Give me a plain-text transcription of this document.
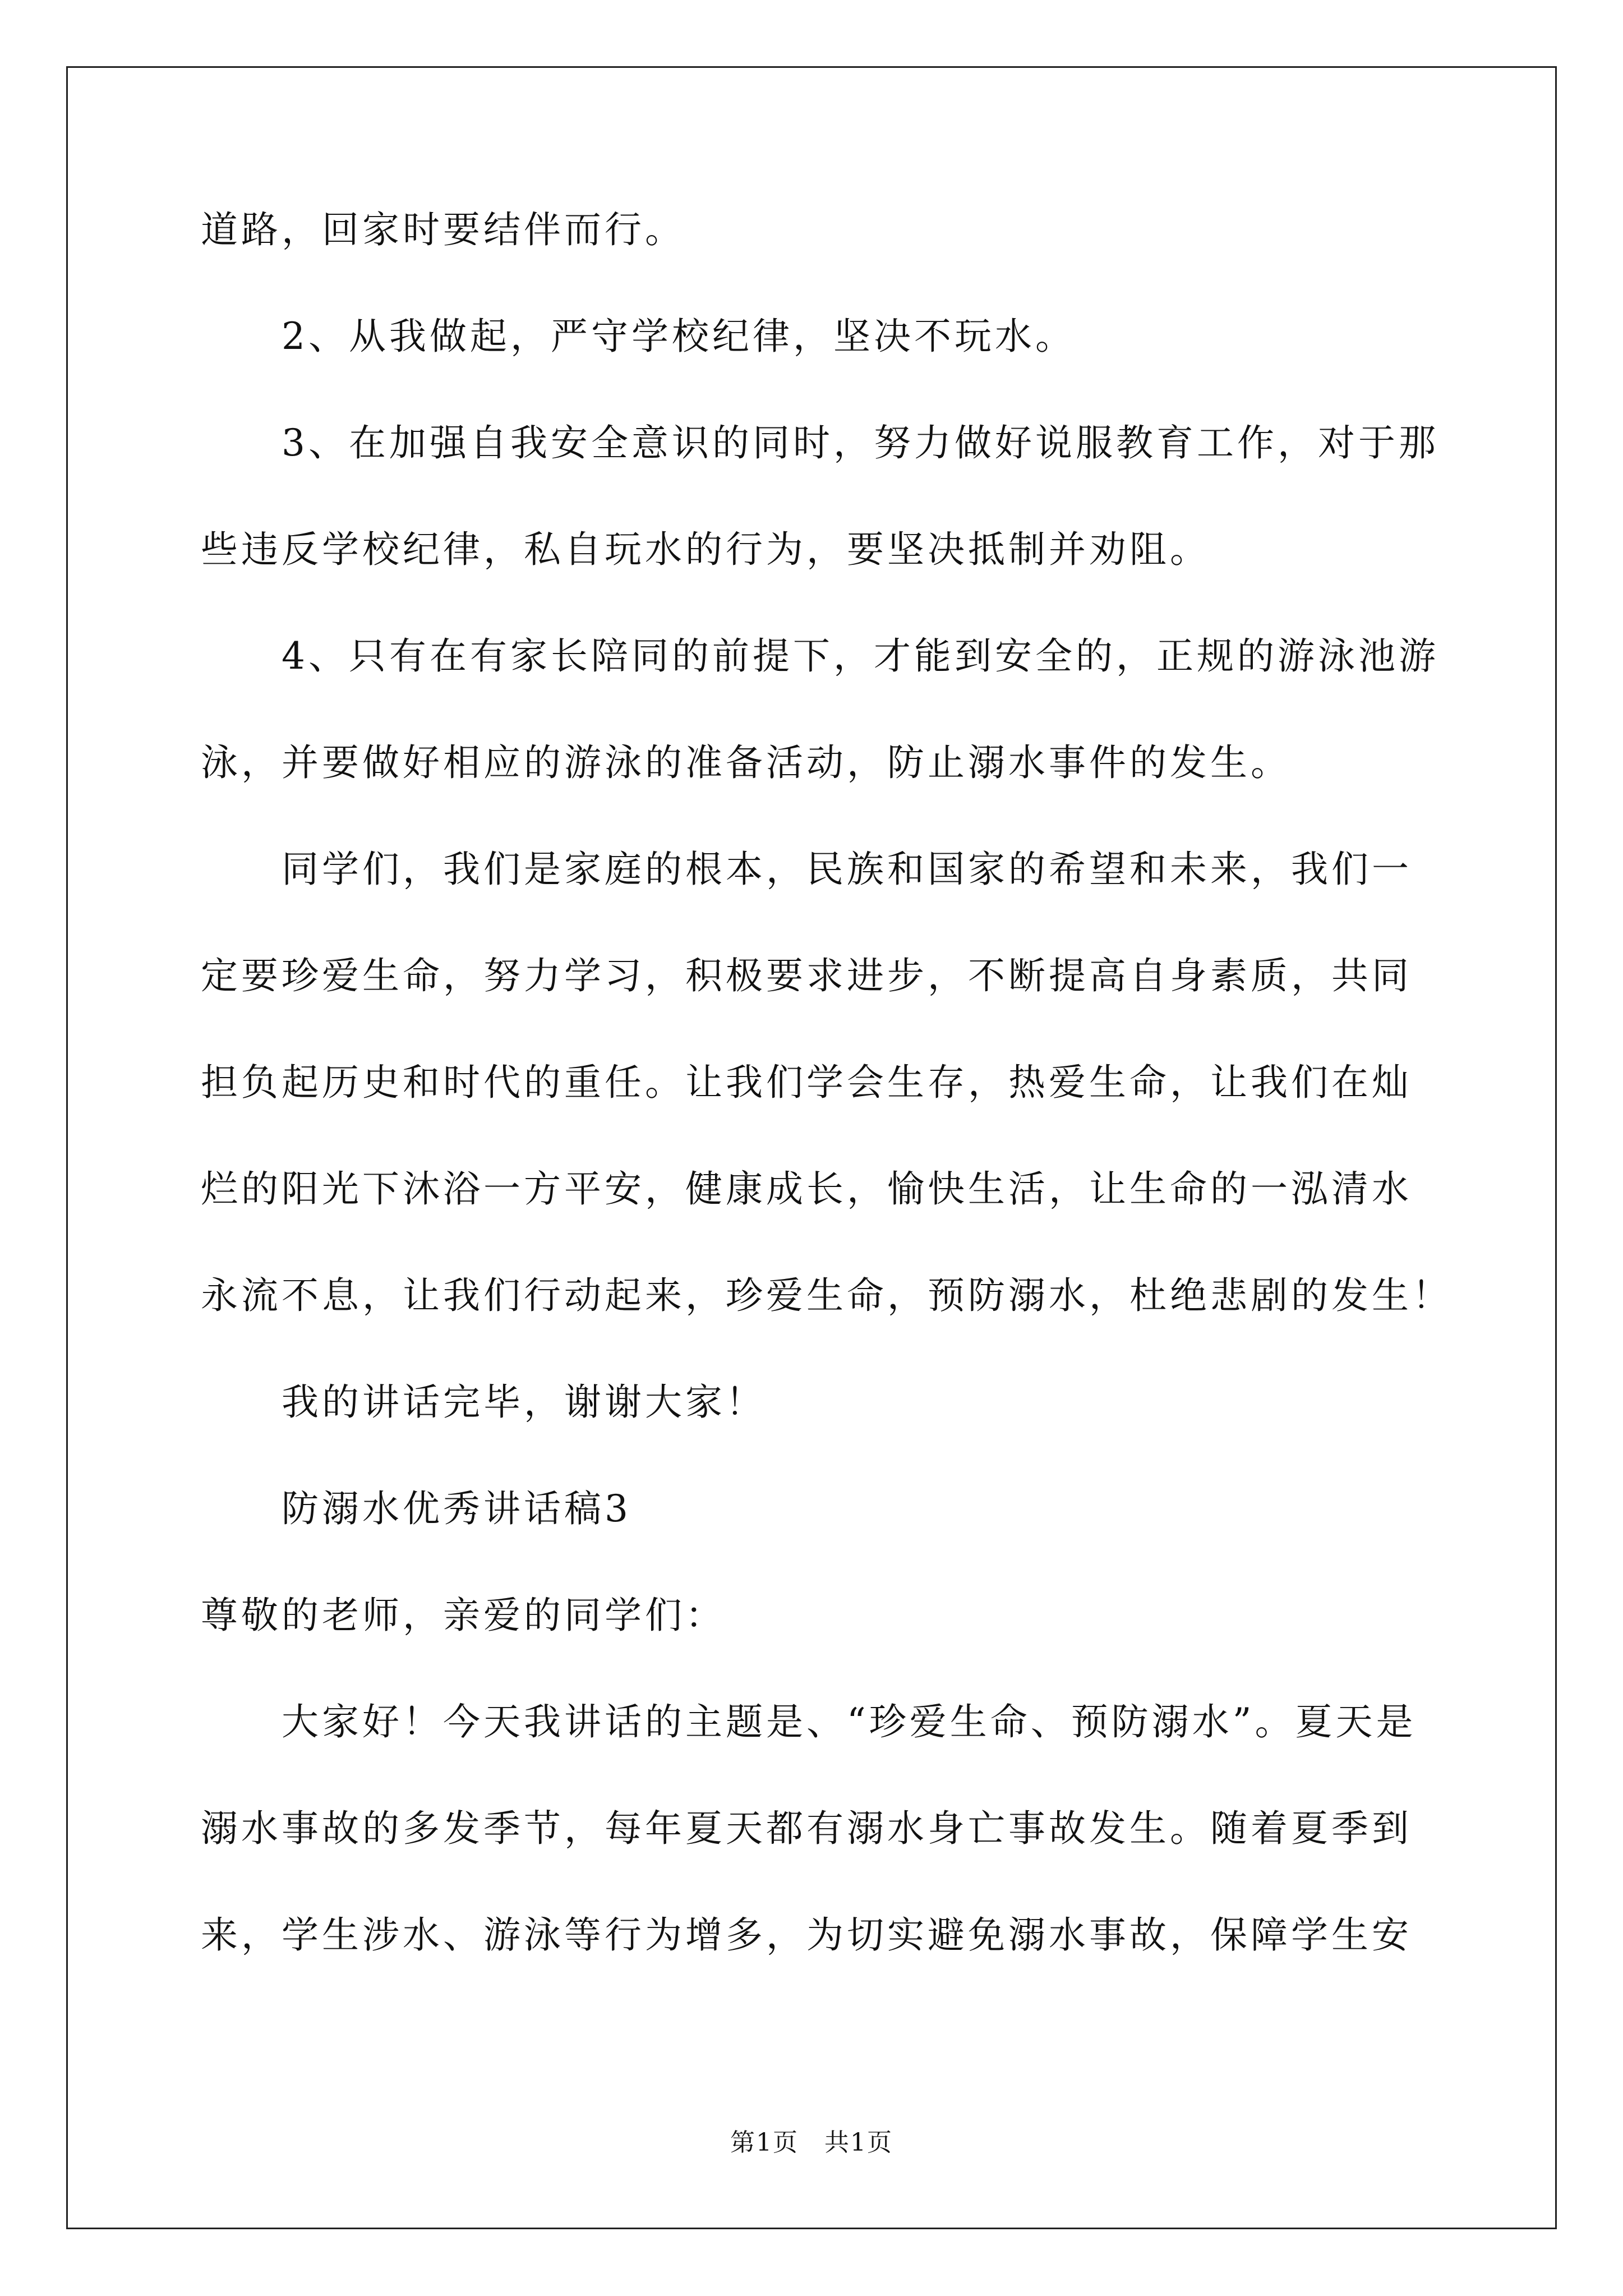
道路，回家时要结伴而行。
　　2、从我做起，严守学校纪律，坚决不玩水。
　　3、在加强自我安全意识的同时，努力做好说服教育工作，对于那
些违反学校纪律，私自玩水的行为，要坚决抵制并劝阻。
　　4、只有在有家长陪同的前提下，才能到安全的，正规的游泳池游
泳，并要做好相应的游泳的准备活动，防止溺水事件的发生。
　　同学们，我们是家庭的根本，民族和国家的希望和未来，我们一
定要珍爱生命，努力学习，积极要求进步，不断提高自身素质，共同
担负起历史和时代的重任。让我们学会生存，热爱生命，让我们在灿
烂的阳光下沐浴一方平安，健康成长，愉快生活，让生命的一泓清水
永流不息，让我们行动起来，珍爱生命，预防溺水，杜绝悲剧的发生！
　　我的讲话完毕，谢谢大家！
　　防溺水优秀讲话稿3
尊敬的老师，亲爱的同学们：
　　大家好！今天我讲话的主题是、“珍爱生命、预防溺水”。夏天是
溺水事故的多发季节，每年夏天都有溺水身亡事故发生。随着夏季到
来，学生涉水、游泳等行为增多，为切实避免溺水事故，保障学生安
第1页　共1页
